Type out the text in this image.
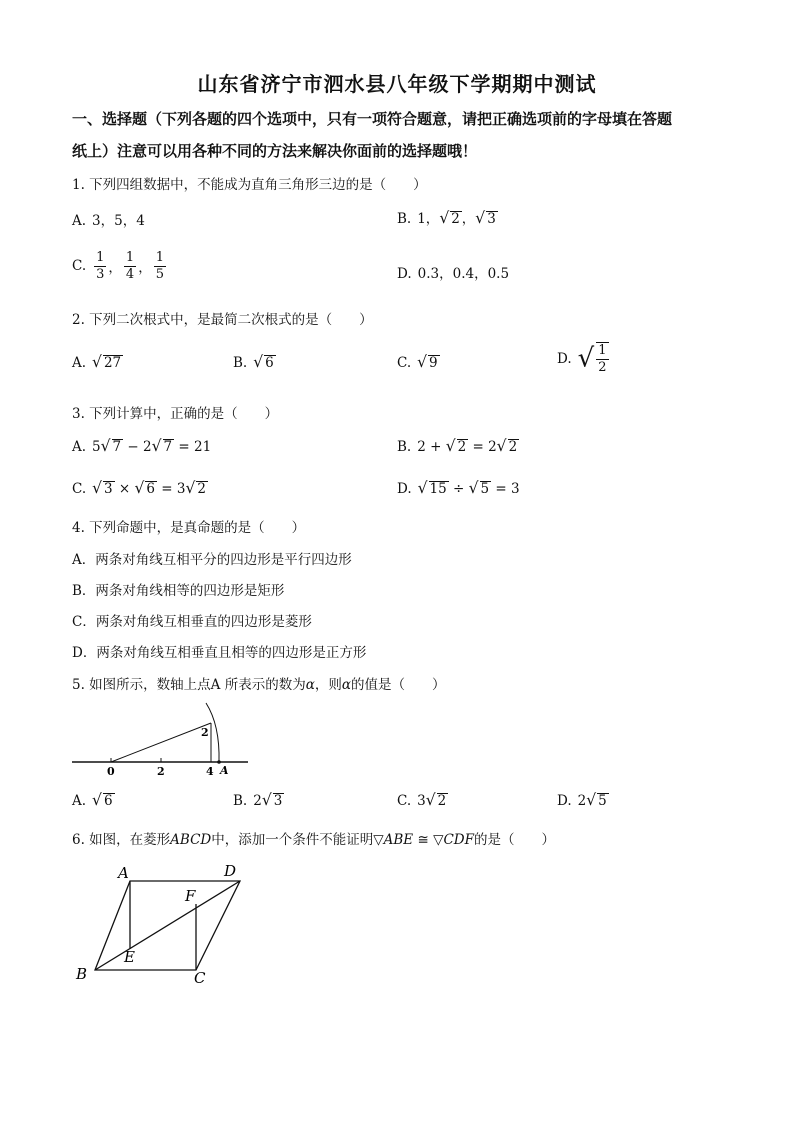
山东省济宁市泗水县八年级下学期期中测试
一、选择题（下列各题的四个选项中，只有一项符合题意，请把正确选项前的字母填在答题
纸上）注意可以用各种不同的方法来解决你面前的选择题哦！
1. 下列四组数据中，不能成为直角三角形三边的是（　　）
A. 3，5，4	B. 1，√ 2 ，√ 3
C. $\frac{1}{3}$ ， $\frac{1}{4}$ ， $\frac{1}{5}$	D. 0.3，0.4，0.5
2. 下列二次根式中，是最简二次根式的是（　　）
A. √ 27	B. √ 6	C. √ 9	D. √ $\frac{1}{2}$
3. 下列计算中，正确的是（　　）
A. 5√ 7 − 2√ 7 = 21	B. 2 + √ 2 = 2√ 2
C. √ 3 × √ 6 = 3√ 2	D. √ 15 ÷ √ 5 = 3
4. 下列命题中，是真命题的是（　　）
A．两条对角线互相平分的四边形是平行四边形
B．两条对角线相等的四边形是矩形
C．两条对角线互相垂直的四边形是菱形
D．两条对角线互相垂直且相等的四边形是正方形
5. 如图所示，数轴上点A 所表示的数为α，则α的值是（　　）
0	2	4 A
2
A. √ 6	B. 2√ 3	C. 3√ 2	D. 2√ 5
6. 如图，在菱形ABCD中，添加一个条件不能证明▽ABE ≅ ▽CDF的是（　　）
A	D
B	C
E
F
